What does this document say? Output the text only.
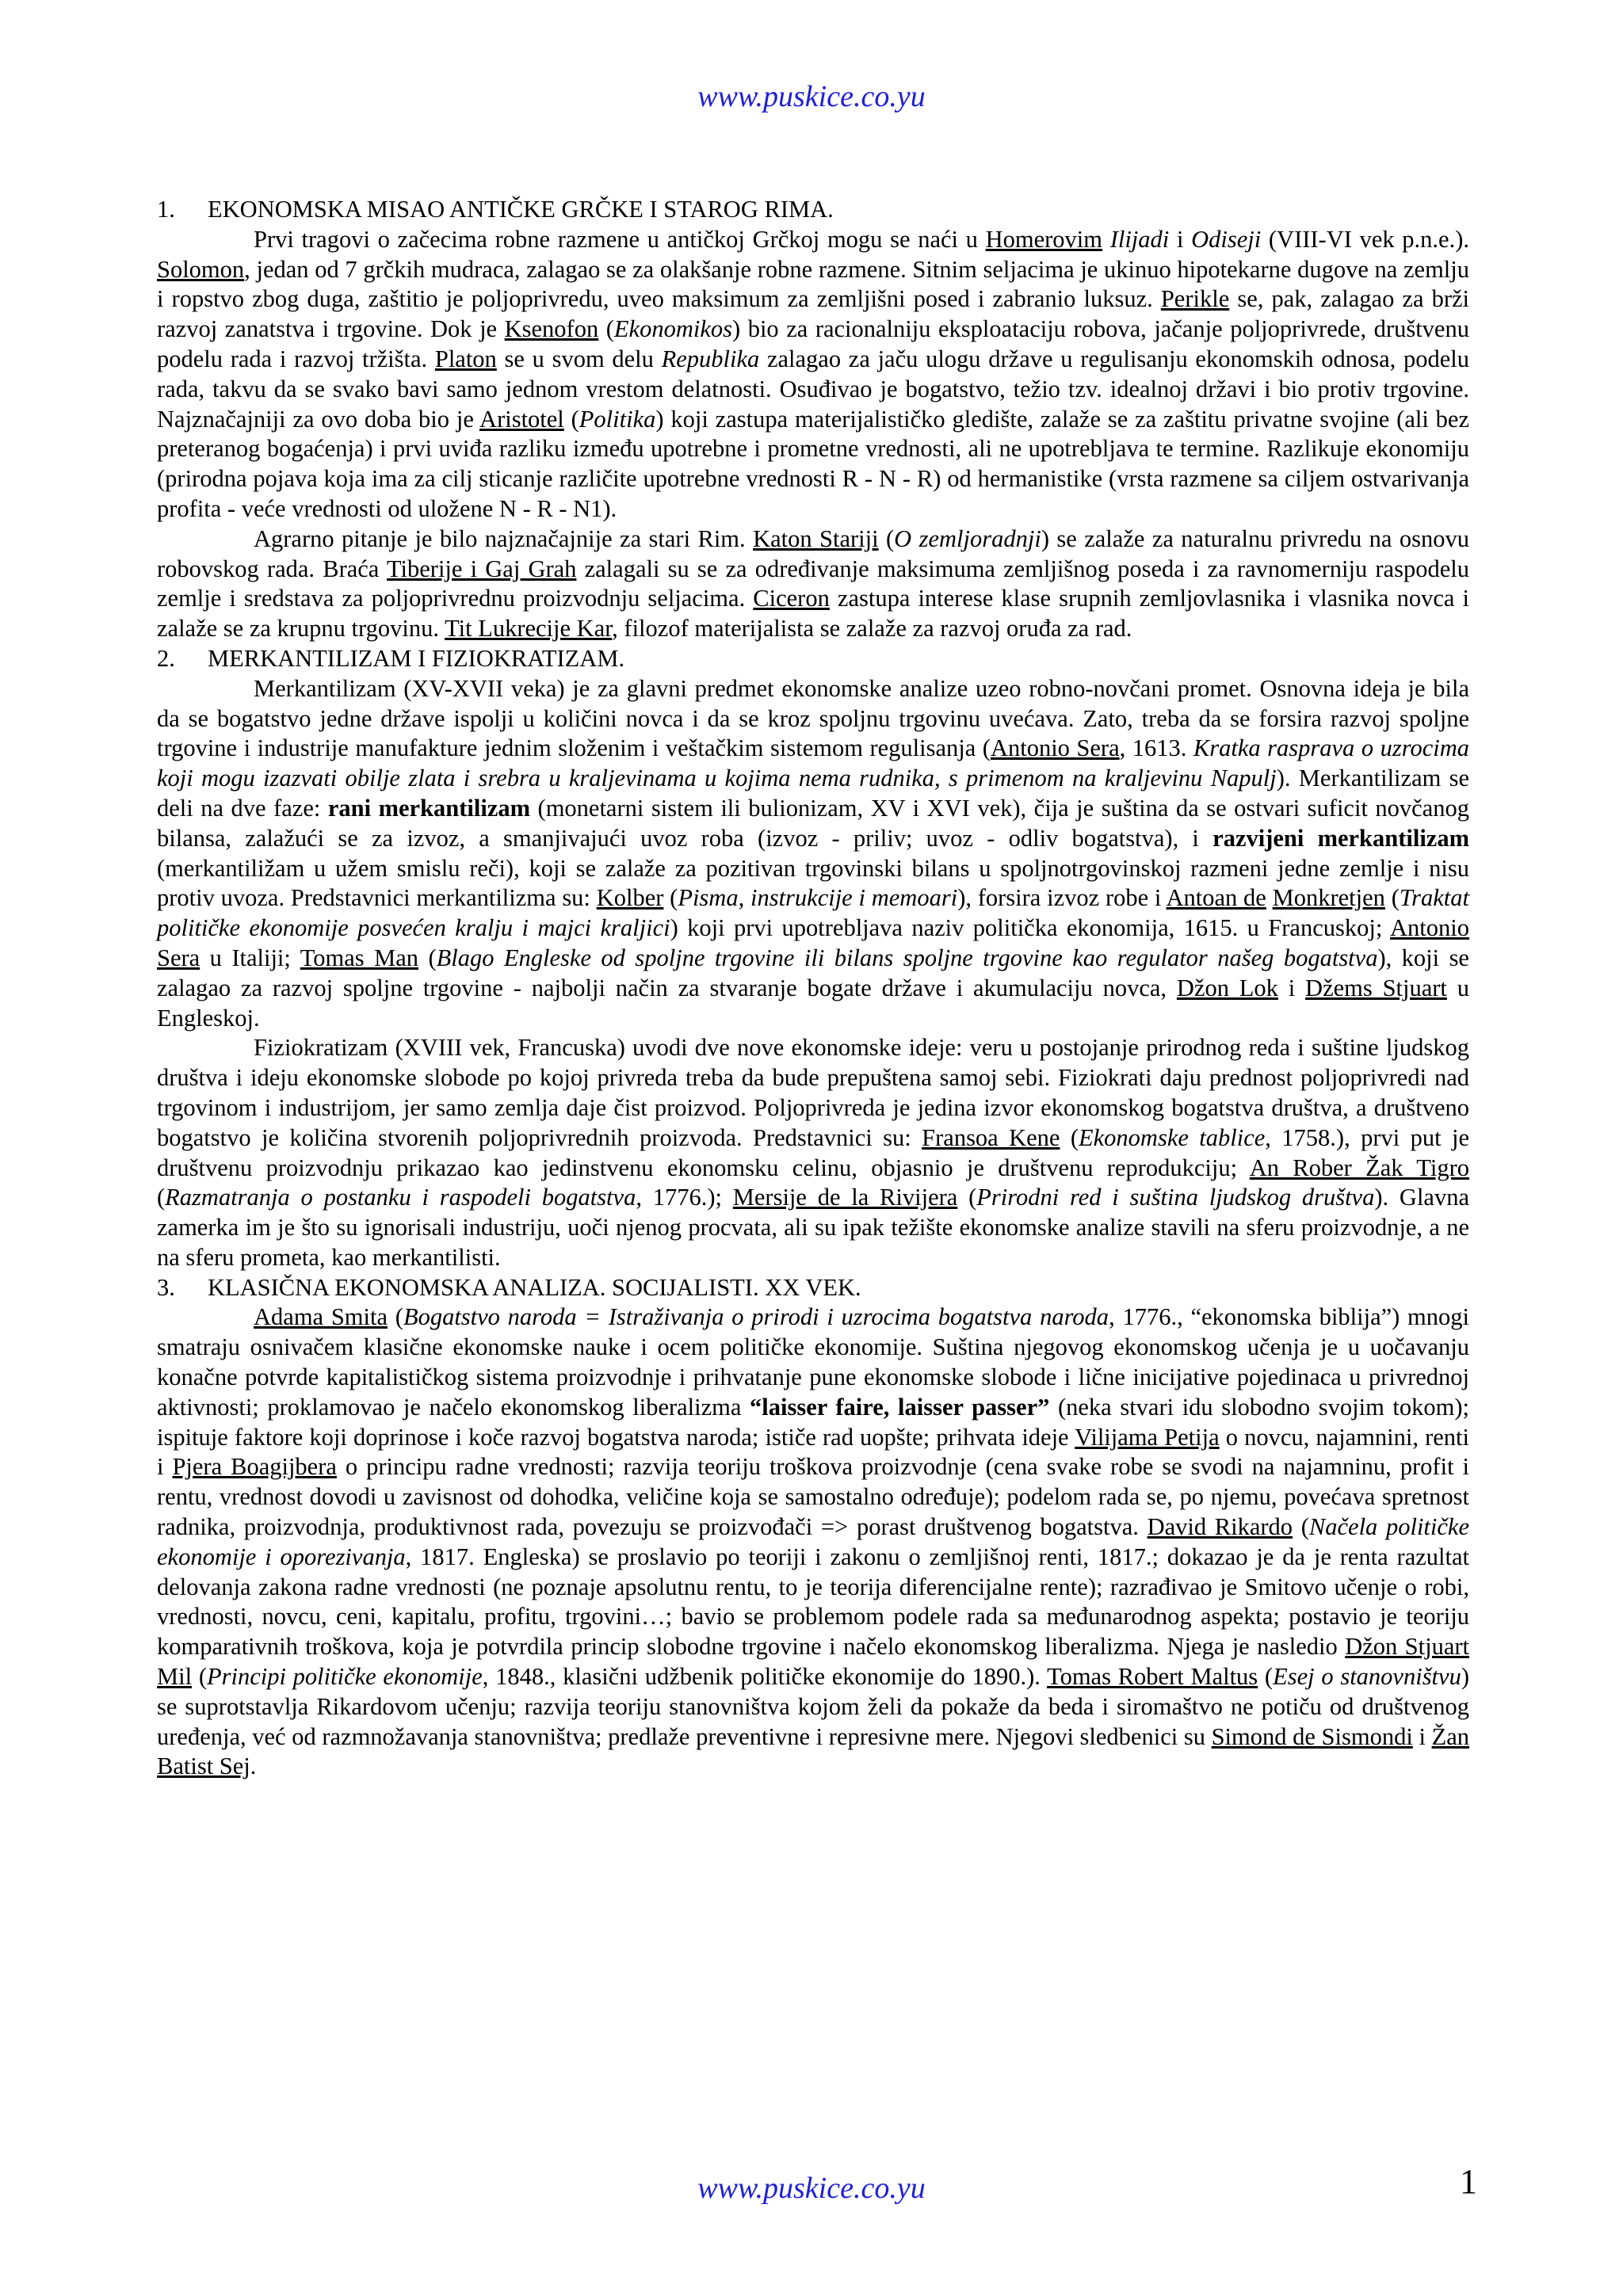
www.puskice.co.yu

1. EKONOMSKA MISAO ANTIČKE GRČKE I STAROG RIMA.

Prvi tragovi o začecima robne razmene u antičkoj Grčkoj mogu se naći u Homerovim Ilijadi i Odiseji (VIII-VI vek p.n.e.). Solomon, jedan od 7 grčkih mudraca, zalagao se za olakšanje robne razmene. Sitnim seljacima je ukinuo hipotekarne dugove na zemlju i ropstvo zbog duga, zaštitio je poljoprivredu, uveo maksimum za zemljišni posed i zabranio luksuz. Perikle se, pak, zalagao za brži razvoj zanatstva i trgovine. Dok je Ksenofon (Ekonomikos) bio za racionalniju eksploataciju robova, jačanje poljoprivrede, društvenu podelu rada i razvoj tržišta. Platon se u svom delu Republika zalagao za jaču ulogu države u regulisanju ekonomskih odnosa, podelu rada, takvu da se svako bavi samo jednom vrestom delatnosti. Osuđivao je bogatstvo, težio tzv. idealnoj državi i bio protiv trgovine. Najznačajniji za ovo doba bio je Aristotel (Politika) koji zastupa materijalističko gledište, zalaže se za zaštitu privatne svojine (ali bez preteranog bogaćenja) i prvi uviđa razliku između upotrebne i prometne vrednosti, ali ne upotrebljava te termine. Razlikuje ekonomiju (prirodna pojava koja ima za cilj sticanje različite upotrebne vrednosti R - N - R) od hermanistike (vrsta razmene sa ciljem ostvarivanja profita - veće vrednosti od uložene N - R - N1).

Agrarno pitanje je bilo najznačajnije za stari Rim. Katon Stariji (O zemljoradnji) se zalaže za naturalnu privredu na osnovu robovskog rada. Braća Tiberije i Gaj Grah zalagali su se za određivanje maksimuma zemljišnog poseda i za ravnomerniju raspodelu zemlje i sredstava za poljoprivrednu proizvodnju seljacima. Ciceron zastupa interese klase srupnih zemljovlasnika i vlasnika novca i zalaže se za krupnu trgovinu. Tit Lukrecije Kar, filozof materijalista se zalaže za razvoj oruđa za rad.

2. MERKANTILIZAM I FIZIOKRATIZAM.

Merkantilizam (XV-XVII veka) je za glavni predmet ekonomske analize uzeo robno-novčani promet. Osnovna ideja je bila da se bogatstvo jedne države ispolji u količini novca i da se kroz spoljnu trgovinu uvećava. Zato, treba da se forsira razvoj spoljne trgovine i industrije manufakture jednim složenim i veštačkim sistemom regulisanja (Antonio Sera, 1613. Kratka rasprava o uzrocima koji mogu izazvati obilje zlata i srebra u kraljevinama u kojima nema rudnika, s primenom na kraljevinu Napulj). Merkantilizam se deli na dve faze: rani merkantilizam (monetarni sistem ili bulionizam, XV i XVI vek), čija je suština da se ostvari suficit novčanog bilansa, zalažući se za izvoz, a smanjivajući uvoz roba (izvoz - priliv; uvoz - odliv bogatstva), i razvijeni merkantilizam (merkantiližam u užem smislu reči), koji se zalaže za pozitivan trgovinski bilans u spoljnotrgovinskoj razmeni jedne zemlje i nisu protiv uvoza. Predstavnici merkantilizma su: Kolber (Pisma, instrukcije i memoari), forsira izvoz robe i Antoan de Monkretjen (Traktat političke ekonomije posvećen kralju i majci kraljici) koji prvi upotrebljava naziv politička ekonomija, 1615. u Francuskoj; Antonio Sera u Italiji; Tomas Man (Blago Engleske od spoljne trgovine ili bilans spoljne trgovine kao regulator našeg bogatstva), koji se zalagao za razvoj spoljne trgovine - najbolji način za stvaranje bogate države i akumulaciju novca, Džon Lok i Džems Stjuart u Engleskoj.

Fiziokratizam (XVIII vek, Francuska) uvodi dve nove ekonomske ideje: veru u postojanje prirodnog reda i suštine ljudskog društva i ideju ekonomske slobode po kojoj privreda treba da bude prepuštena samoj sebi. Fiziokrati daju prednost poljoprivredi nad trgovinom i industrijom, jer samo zemlja daje čist proizvod. Poljoprivreda je jedina izvor ekonomskog bogatstva društva, a društveno bogatstvo je količina stvorenih poljoprivrednih proizvoda. Predstavnici su: Fransoa Kene (Ekonomske tablice, 1758.), prvi put je društvenu proizvodnju prikazao kao jedinstvenu ekonomsku celinu, objasnio je društvenu reprodukciju; An Rober Žak Tigro (Razmatranja o postanku i raspodeli bogatstva, 1776.); Mersije de la Rivijera (Prirodni red i suština ljudskog društva). Glavna zamerka im je što su ignorisali industriju, uoči njenog procvata, ali su ipak težište ekonomske analize stavili na sferu proizvodnje, a ne na sferu prometa, kao merkantilisti.

3. KLASIČNA EKONOMSKA ANALIZA. SOCIJALISTI. XX VEK.

Adama Smita (Bogatstvo naroda = Istraživanja o prirodi i uzrocima bogatstva naroda, 1776., “ekonomska biblija”) mnogi smatraju osnivačem klasične ekonomske nauke i ocem političke ekonomije. Suština njegovog ekonomskog učenja je u uočavanju konačne potvrde kapitalističkog sistema proizvodnje i prihvatanje pune ekonomske slobode i lične inicijative pojedinaca u privrednoj aktivnosti; proklamovao je načelo ekonomskog liberalizma “laisser faire, laisser passer” (neka stvari idu slobodno svojim tokom); ispituje faktore koji doprinose i koče razvoj bogatstva naroda; ističe rad uopšte; prihvata ideje Vilijama Petija o novcu, najamnini, renti i Pjera Boagijbera o principu radne vrednosti; razvija teoriju troškova proizvodnje (cena svake robe se svodi na najamninu, profit i rentu, vrednost dovodi u zavisnost od dohodka, veličine koja se samostalno određuje); podelom rada se, po njemu, povećava spretnost radnika, proizvodnja, produktivnost rada, povezuju se proizvođači => porast društvenog bogatstva. David Rikardo (Načela političke ekonomije i oporezivanja, 1817. Engleska) se proslavio po teoriji i zakonu o zemljišnoj renti, 1817.; dokazao je da je renta razultat delovanja zakona radne vrednosti (ne poznaje apsolutnu rentu, to je teorija diferencijalne rente); razrađivao je Smitovo učenje o robi, vrednosti, novcu, ceni, kapitalu, profitu, trgovini…; bavio se problemom podele rada sa međunarodnog aspekta; postavio je teoriju komparativnih troškova, koja je potvrdila princip slobodne trgovine i načelo ekonomskog liberalizma. Njega je nasledio Džon Stjuart Mil (Principi političke ekonomije, 1848., klasični udžbenik političke ekonomije do 1890.). Tomas Robert Maltus (Esej o stanovništvu) se suprotstavlja Rikardovom učenju; razvija teoriju stanovništva kojom želi da pokaže da beda i siromaštvo ne potiču od društvenog uređenja, već od razmnožavanja stanovništva; predlaže preventivne i represivne mere. Njegovi sledbenici su Simond de Sismondi i Žan Batist Sej.

www.puskice.co.yu	1
